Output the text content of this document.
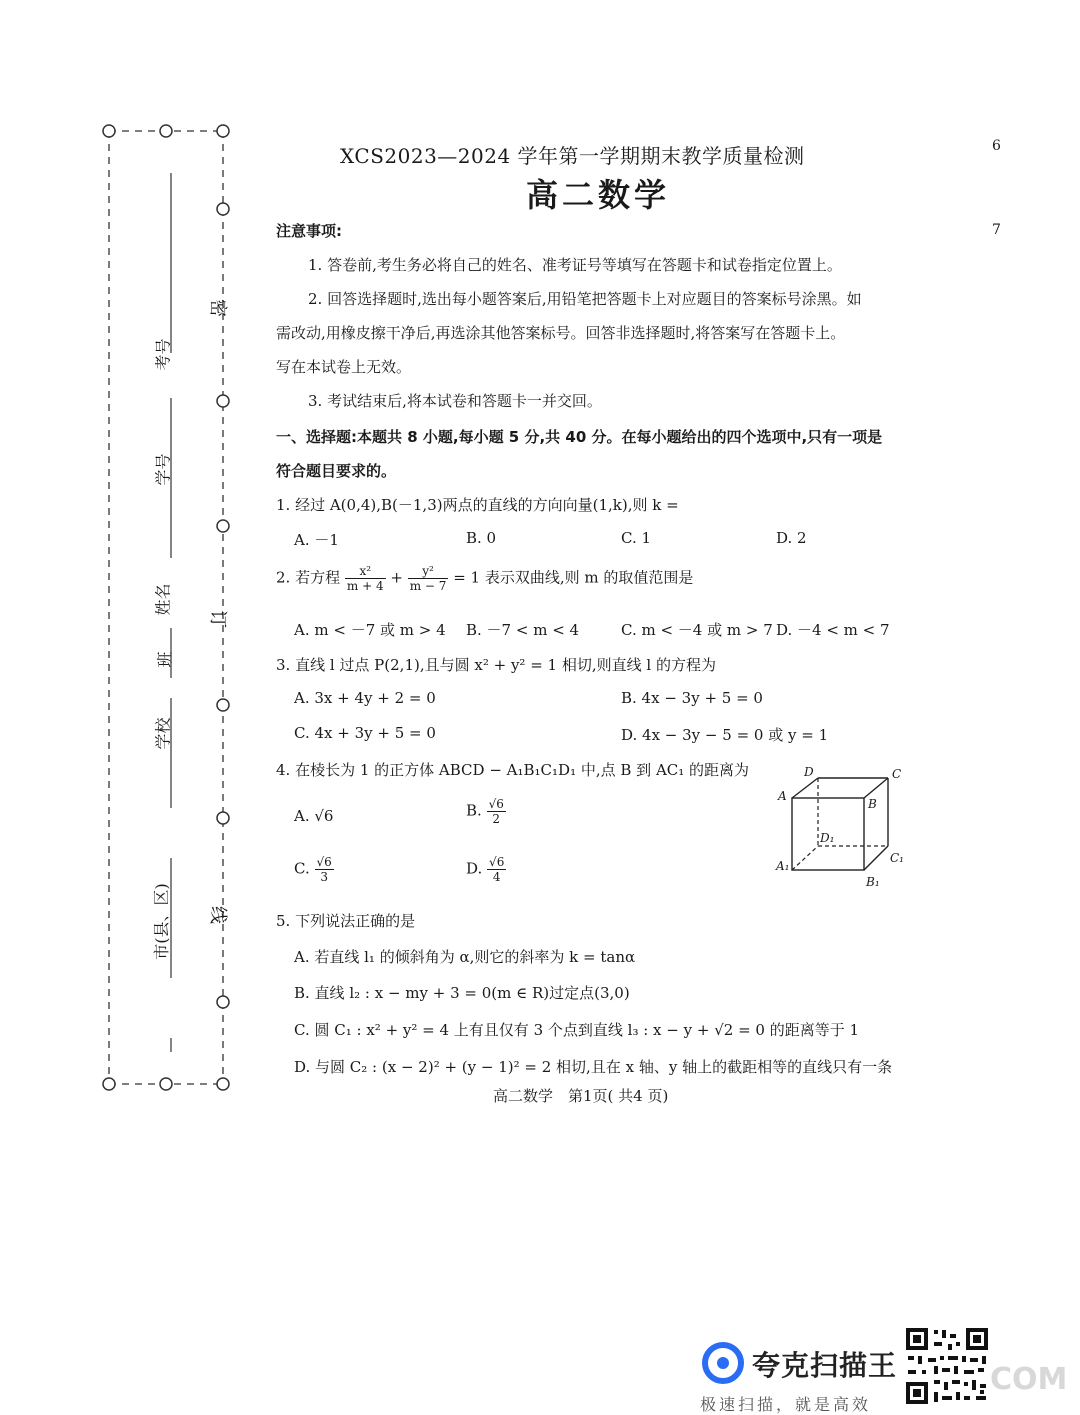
XCS2023—2024 学年第一学期期末教学质量检测
高二数学
6
7
考号
学号
姓名
班
学校
市(县、区)
密
订
线
注意事项:
1. 答卷前,考生务必将自己的姓名、准考证号等填写在答题卡和试卷指定位置上。
2. 回答选择题时,选出每小题答案后,用铅笔把答题卡上对应题目的答案标号涂黑。如
需改动,用橡皮擦干净后,再选涂其他答案标号。回答非选择题时,将答案写在答题卡上。
写在本试卷上无效。
3. 考试结束后,将本试卷和答题卡一并交回。
一、选择题:本题共 8 小题,每小题 5 分,共 40 分。在每小题给出的四个选项中,只有一项是
符合题目要求的。
1. 经过 A(0,4),B(－1,3)两点的直线的方向向量(1,k),则 k =
A. －1	B. 0	C. 1	D. 2
2. 若方程 $\frac{\text{x²}}{m + 4} + \frac{\text{y²}}{m - 7} = 1$ 表示双曲线,则 m 的取值范围是
A. m < －7 或 m > 4 B. －7 < m < 4	C. m < －4 或 m > 7 D. －4 < m < 7
3. 直线 l 过点 P(2,1),且与圆 x² + y² = 1 相切,则直线 l 的方程为
A. 3x + 4y + 2 = 0	B. 4x − 3y + 5 = 0
C. 4x + 3y + 5 = 0	D. 4x − 3y − 5 = 0 或 y = 1
4. 在棱长为 1 的正方体 ABCD − A₁B₁C₁D₁ 中,点 B 到 AC₁ 的距离为
A. √6	B. $\frac{√6}{2}$
C. $\frac{√6}{3}$	D. $\frac{√6}{4}$
D	C
A
B
D₁
A₁
C₁
B₁
5. 下列说法正确的是
A. 若直线 l₁ 的倾斜角为 α,则它的斜率为 k = tanα
B. 直线 l₂ : x − my + 3 = 0(m ∈ R)过定点(3,0)
C. 圆 C₁ : x² + y² = 4 上有且仅有 3 个点到直线 l₃ : x − y + √2 = 0 的距离等于 1
D. 与圆 C₂ : (x − 2)² + (y − 1)² = 2 相切,且在 x 轴、y 轴上的截距相等的直线只有一条
高二数学　第1页( 共4 页)
夸克扫描王
极速扫描，就是高效
COM
